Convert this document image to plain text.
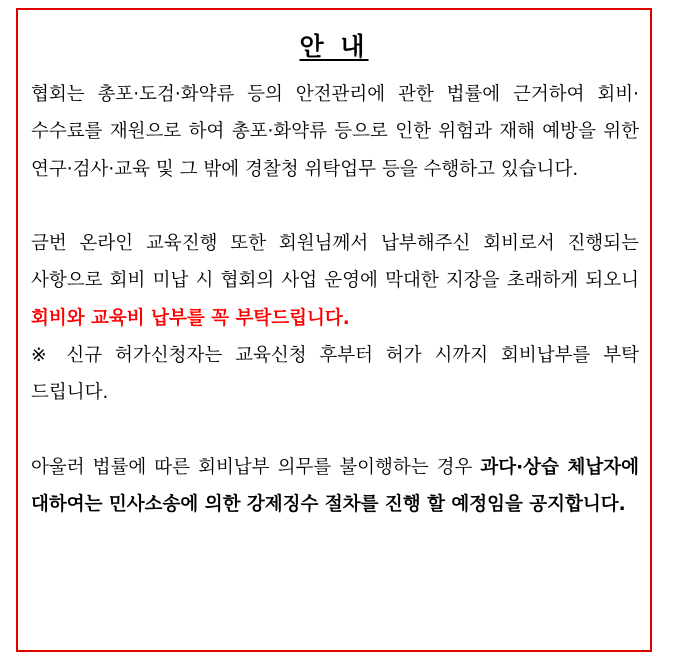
안 내

협회는 총포·도검·화약류 등의 안전관리에 관한 법률에 근거하여 회비·수수료를 재원으로 하여 총포·화약류 등으로 인한 위험과 재해 예방을 위한 연구·검사·교육 및 그 밖에 경찰청 위탁업무 등을 수행하고 있습니다.

금번 온라인 교육진행 또한 회원님께서 납부해주신 회비로서 진행되는 사항으로 회비 미납 시 협회의 사업 운영에 막대한 지장을 초래하게 되오니 회비와 교육비 납부를 꼭 부탁드립니다.

※ 신규 허가신청자는 교육신청 후부터 허가 시까지 회비납부를 부탁 드립니다.

아울러 법률에 따른 회비납부 의무를 불이행하는 경우 과다·상습 체납자에 대하여는 민사소송에 의한 강제징수 절차를 진행 할 예정임을 공지합니다.
